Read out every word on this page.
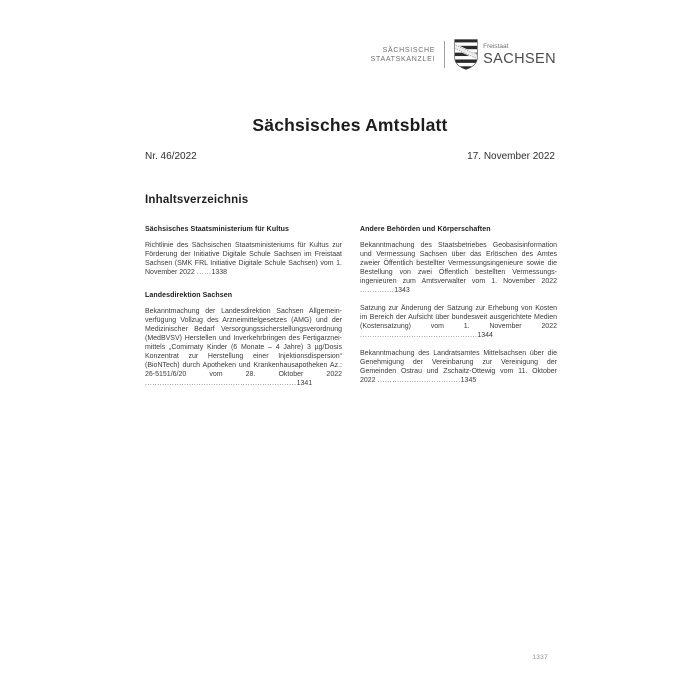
SÄCHSISCHE
STAATSKANZLEI
Freistaat
SACHSEN
Sächsisches Amtsblatt
Nr. 46/2022	17. November 2022
Inhaltsverzeichnis
Sächsisches Staatsministerium für Kultus

Richtlinie des Sächsischen Staatsministeriums für Kultus zur Förderung der Initiative Digitale Schule Sachsen im Freistaat Sachsen (SMK FRL Initiative Digitale Schule Sachsen) vom 1. November 2022 ......1338

Landesdirektion Sachsen

Bekanntmachung der Landesdirektion Sachsen Allgemeinverfügung Vollzug des Arzneimittelgesetzes (AMG) und der Medizinischer Bedarf Versorgungssicherstellungsverordnung (MedBVSV) Herstellen und Inverkehrbringen des Fertigarzneimittels „Comirnaty Kinder (6 Monate – 4 Jahre) 3 µg/Dosis Konzentrat zur Herstellung einer Injektionsdispersion“ (BioNTech) durch Apotheken und Krankenhausapotheken Az.: 26-5151/6/20 vom 28. Oktober 2022 ..............................................................1341

Andere Behörden und Körperschaften

Bekanntmachung des Staatsbetriebes Geobasisinformation und Vermessung Sachsen über das Erlöschen des Amtes zweier Öffentlich bestellter Vermessungsingenieure sowie die Bestellung von zwei Öffentlich bestellten Vermessungsingenieuren zum Amtsverwalter vom 1. November 2022 ..............1343

Satzung zur Änderung der Satzung zur Erhebung von Kosten im Bereich der Aufsicht über bundesweit ausgerichtete Medien (Kostensatzung) vom 1. November 2022 ................................................1344

Bekanntmachung des Landratsamtes Mittelsachsen über die Genehmigung der Vereinbarung zur Vereinigung der Gemeinden Ostrau und Zschaitz-Ottewig vom 11. Oktober 2022 ..................................1345

1337
